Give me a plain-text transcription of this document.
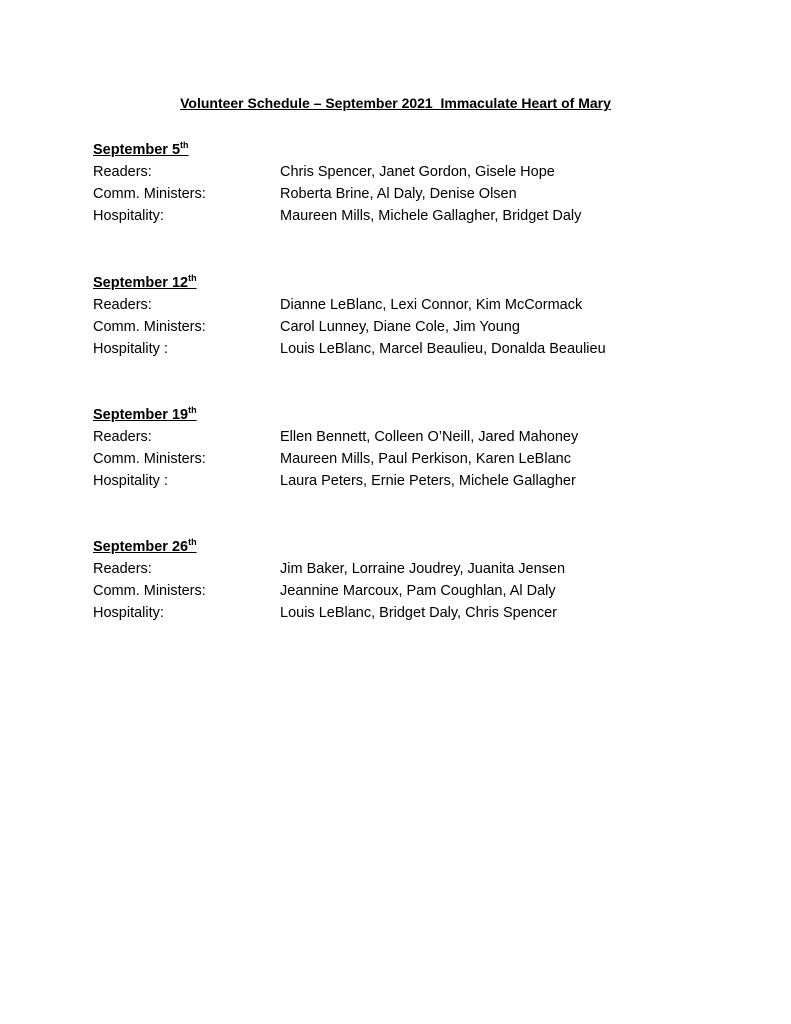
Volunteer Schedule – September 2021  Immaculate Heart of Mary
September 5th
Readers:	Chris Spencer, Janet Gordon, Gisele Hope
Comm. Ministers:	Roberta Brine, Al Daly, Denise Olsen
Hospitality:	Maureen Mills, Michele Gallagher, Bridget Daly
September 12th
Readers:	Dianne LeBlanc, Lexi Connor, Kim McCormack
Comm. Ministers:	Carol Lunney, Diane Cole, Jim Young
Hospitality :	Louis LeBlanc, Marcel Beaulieu, Donalda Beaulieu
September 19th
Readers:	Ellen Bennett, Colleen O’Neill, Jared Mahoney
Comm. Ministers:	Maureen Mills, Paul Perkison, Karen LeBlanc
Hospitality :	Laura Peters, Ernie Peters, Michele Gallagher
September 26th
Readers:	Jim Baker, Lorraine Joudrey, Juanita Jensen
Comm. Ministers:	Jeannine Marcoux, Pam Coughlan, Al Daly
Hospitality:	Louis LeBlanc, Bridget Daly, Chris Spencer
